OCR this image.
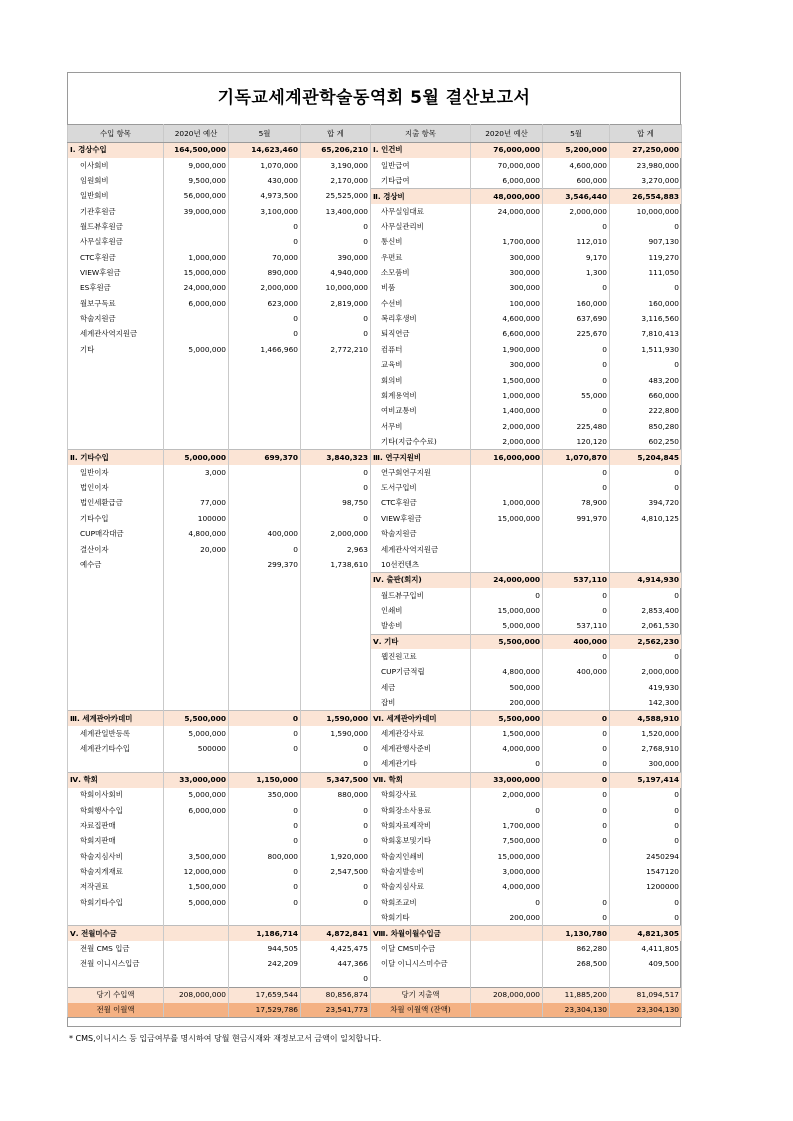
기독교세계관학술동역회 5월 결산보고서
수입 항목	2020년 예산	5월	합 계	지출 항목	2020년 예산	5월	합 계
Ⅰ. 경상수입	164,500,000	14,623,460	65,206,210	Ⅰ. 인건비	76,000,000	5,200,000	27,250,000
이사회비	9,000,000	1,070,000	3,190,000	일반급여	70,000,000	4,600,000	23,980,000
임원회비	9,500,000	430,000	2,170,000	기타급여	6,000,000	600,000	3,270,000
일반회비	56,000,000	4,973,500	25,525,000	Ⅱ. 경상비	48,000,000	3,546,440	26,554,883
기관후원금	39,000,000	3,100,000	13,400,000	사무실임대료	24,000,000	2,000,000	10,000,000
월드뷰후원금		0	0	사무실관리비		0	0
사무실후원금		0	0	통신비	1,700,000	112,010	907,130
CTC후원금	1,000,000	70,000	390,000	우편료	300,000	9,170	119,270
VIEW후원금	15,000,000	890,000	4,940,000	소모품비	300,000	1,300	111,050
ES후원금	24,000,000	2,000,000	10,000,000	비품	300,000	0	0
월보구독료	6,000,000	623,000	2,819,000	수선비	100,000	160,000	160,000
학술지원금		0	0	복리후생비	4,600,000	637,690	3,116,560
세계관사역지원금		0	0	퇴직연금	6,600,000	225,670	7,810,413
기타	5,000,000	1,466,960	2,772,210	컴퓨터	1,900,000	0	1,511,930
				교육비	300,000	0	0
				회의비	1,500,000	0	483,200
				회계용역비	1,000,000	55,000	660,000
				여비교통비	1,400,000	0	222,800
				서무비	2,000,000	225,480	850,280
				기타(지급수수료)	2,000,000	120,120	602,250
Ⅱ. 기타수입	5,000,000	699,370	3,840,323	Ⅲ. 연구지원비	16,000,000	1,070,870	5,204,845
일반이자	3,000		0	연구회연구지원		0	0
법인이자			0	도서구입비		0	0
법인세환급금	77,000		98,750	CTC후원금	1,000,000	78,900	394,720
기타수입	100000		0	VIEW후원금	15,000,000	991,970	4,810,125
CUP매각대금	4,800,000	400,000	2,000,000	학술지원금			
결산이자	20,000	0	2,963	세계관사역지원금			
예수금		299,370	1,738,610	10선컨텐츠			
				Ⅳ. 출판(회지)	24,000,000	537,110	4,914,930
				월드뷰구입비	0	0	0
				인쇄비	15,000,000	0	2,853,400
				발송비	5,000,000	537,110	2,061,530
				Ⅴ. 기타	5,500,000	400,000	2,562,230
				웹진원고료		0	0
				CUP기금적립	4,800,000	400,000	2,000,000
				세금	500,000		419,930
				잡비	200,000		142,300
Ⅲ. 세계관아카데미	5,500,000	0	1,590,000	Ⅵ. 세계관아카데미	5,500,000	0	4,588,910
세계관일반등록	5,000,000	0	1,590,000	세계관강사료	1,500,000	0	1,520,000
세계관기타수입	500000	0	0	세계관행사준비	4,000,000	0	2,768,910
			0	세계관기타	0	0	300,000
Ⅳ. 학회	33,000,000	1,150,000	5,347,500	Ⅶ. 학회	33,000,000	0	5,197,414
학회이사회비	5,000,000	350,000	880,000	학회강사료	2,000,000	0	0
학회행사수입	6,000,000	0	0	학회장소사용료	0	0	0
자료집판매		0	0	학회자료제작비	1,700,000	0	0
학회지판매		0	0	학회홍보및기타	7,500,000	0	0
학술지심사비	3,500,000	800,000	1,920,000	학술지인쇄비	15,000,000		2450294
학술지게재료	12,000,000	0	2,547,500	학술지발송비	3,000,000		1547120
저작권료	1,500,000	0	0	학술지심사료	4,000,000		1200000
학회기타수입	5,000,000	0	0	학회조교비	0	0	0
				학회기타	200,000	0	0
Ⅴ. 전월미수금		1,186,714	4,872,841	Ⅷ. 차월이월수입금		1,130,780	4,821,305
전월 CMS 입금		944,505	4,425,475	이달 CMS미수금		862,280	4,411,805
전월 이니시스입금		242,209	447,366	이달 이니시스미수금		268,500	409,500
			0				
당기 수입액	208,000,000	17,659,544	80,856,874	당기 지출액	208,000,000	11,885,200	81,094,517
전월 이월액		17,529,786	23,541,773	차월 이월액 (잔액)		23,304,130	23,304,130
* CMS,이니시스 등 입금여부를 명시하여 당월 현금시재와 재정보고서 금액이 일치합니다.
